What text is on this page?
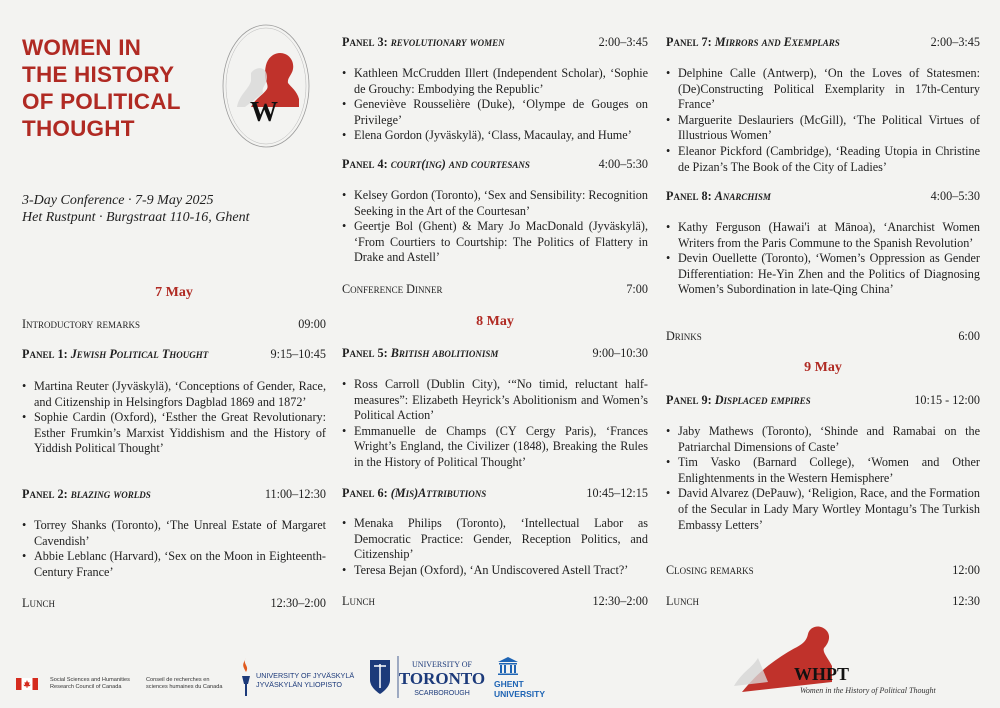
WOMEN IN
THE HISTORY
OF POLITICAL
THOUGHT
W
3-Day Conference · 7-9 May 2025
Het Rustpunt · Burgstraat 110-16, Ghent
7 May
Introductory remarks	09:00
Panel 1: Jewish Political Thought	9:15–10:45
• Martina Reuter (Jyväskylä), ‘Conceptions of Gender, Race, and Citizenship in Helsingfors Dagblad 1869 and 1872’
• Sophie Cardin (Oxford), ‘Esther the Great Revolutionary: Esther Frumkin’s Marxist Yiddishism and the History of Yiddish Political Thought’
Panel 2: blazing worlds	11:00–12:30
• Torrey Shanks (Toronto), ‘The Unreal Estate of Margaret Cavendish’
• Abbie Leblanc (Harvard), ‘Sex on the Moon in Eighteenth-Century France’
Lunch	12:30–2:00
Panel 3: revolutionary women	2:00–3:45
• Kathleen McCrudden Illert (Independent Scholar), ‘Sophie de Grouchy: Embodying the Republic’
• Geneviève Rousselière (Duke), ‘Olympe de Gouges on Privilege’
• Elena Gordon (Jyväskylä), ‘Class, Macaulay, and Hume’
Panel 4: court(ing) and courtesans	4:00–5:30
• Kelsey Gordon (Toronto), ‘Sex and Sensibility: Recognition Seeking in the Art of the Courtesan’
• Geertje Bol (Ghent) & Mary Jo MacDonald (Jyväskylä), ‘From Courtiers to Courtship: The Politics of Flattery in Drake and Astell’
Conference Dinner	7:00
8 May
Panel 5: British abolitionism	9:00–10:30
• Ross Carroll (Dublin City), ‘“No timid, reluctant half-measures”: Elizabeth Heyrick’s Abolitionism and Women’s Political Action’
• Emmanuelle de Champs (CY Cergy Paris), ‘Frances Wright’s England, the Civilizer (1848), Breaking the Rules in the History of Political Thought’
Panel 6: (Mis)Attributions	10:45–12:15
• Menaka Philips (Toronto), ‘Intellectual Labor as Democratic Practice: Gender, Reception Politics, and Citizenship’
• Teresa Bejan (Oxford), ‘An Undiscovered Astell Tract?’
Lunch	12:30–2:00
Panel 7: Mirrors and Exemplars	2:00–3:45
• Delphine Calle (Antwerp), ‘On the Loves of Statesmen: (De)Constructing Political Exemplarity in 17th-Century France’
• Marguerite Deslauriers (McGill), ‘The Political Virtues of Illustrious Women’
• Eleanor Pickford (Cambridge), ‘Reading Utopia in Christine de Pizan’s The Book of the City of Ladies’
Panel 8: Anarchism	4:00–5:30
• Kathy Ferguson (Hawai'i at Mānoa), ‘Anarchist Women Writers from the Paris Commune to the Spanish Revolution’
• Devin Ouellette (Toronto), ‘Women’s Oppression as Gender Differentiation: He-Yin Zhen and the Politics of Diagnosing Women’s Subordination in late-Qing China’
Drinks	6:00
9 May
Panel 9: Displaced empires	10:15 - 12:00
• Jaby Mathews (Toronto), ‘Shinde and Ramabai on the Patriarchal Dimensions of Caste’
• Tim Vasko (Barnard College), ‘Women and Other Enlightenments in the Western Hemisphere’
• David Alvarez (DePauw), ‘Religion, Race, and the Formation of the Secular in Lady Mary Wortley Montagu’s The Turkish Embassy Letters’
Closing remarks	12:00
Lunch	12:30
Social Sciences and Humanities
Research Council of Canada
Conseil de recherches en
sciences humaines du Canada
UNIVERSITY OF JYVÄSKYLÄ
JYVÄSKYLÄN YLIOPISTO
UNIVERSITY OF
TORONTO
SCARBOROUGH
GHENT
UNIVERSITY
WHPT
Women in the History of Political Thought
